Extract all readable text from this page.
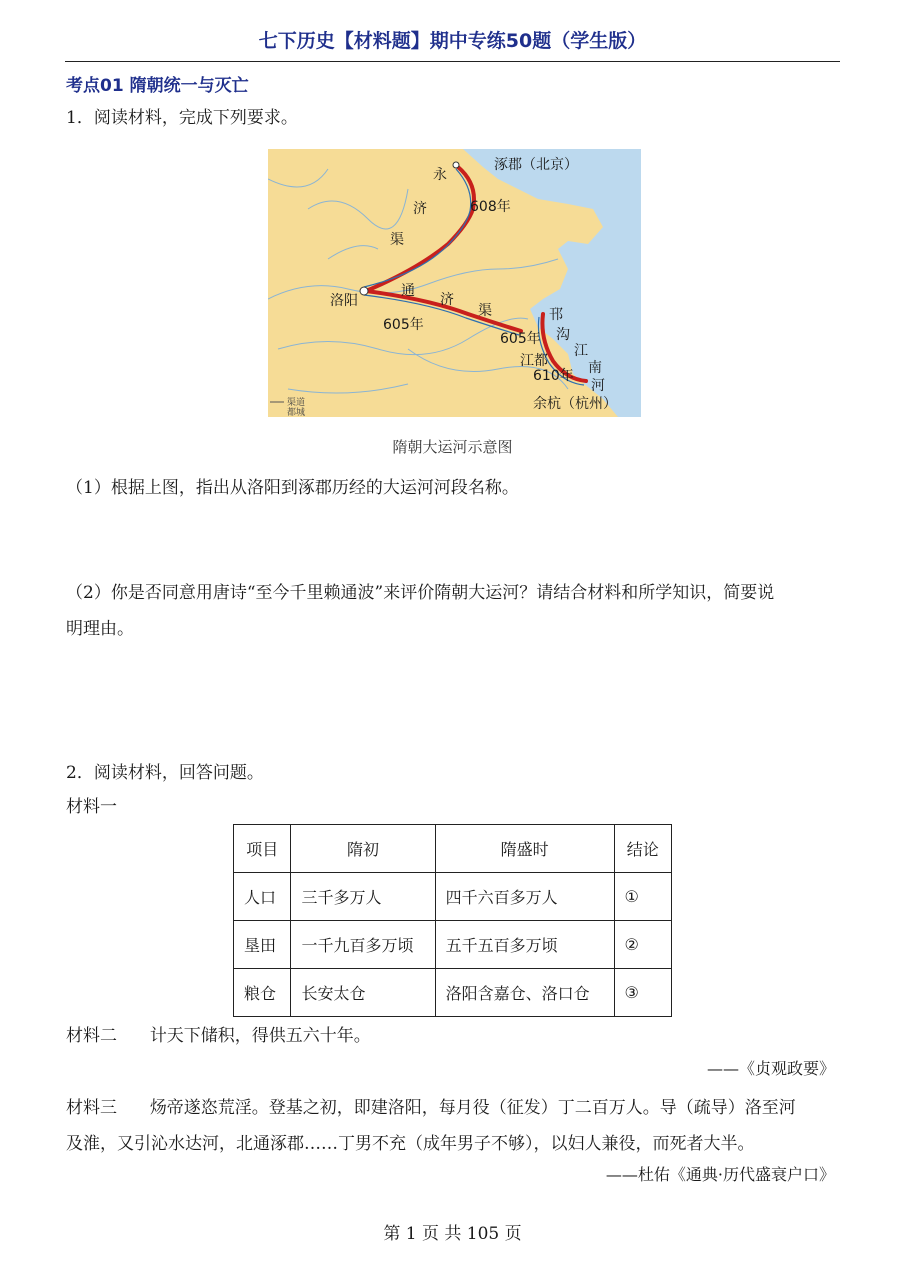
七下历史【材料题】期中专练50题（学生版）
考点01 隋朝统一与灭亡
1．阅读材料，完成下列要求。
涿郡（北京）
永
济
渠
608年
洛阳
通
济
渠
605年
605年
邗
沟
江都
江
南
河
610年
余杭（杭州）
渠道
都城
隋朝大运河示意图
（1）根据上图，指出从洛阳到涿郡历经的大运河河段名称。
（2）你是否同意用唐诗“至今千里赖通波”来评价隋朝大运河？请结合材料和所学知识，简要说
明理由。
2．阅读材料，回答问题。
材料一
项目	隋初	隋盛时	结论
人口	三千多万人	四千六百多万人	①
垦田	一千九百多万顷	五千五百多万顷	②
粮仓	长安太仓	洛阳含嘉仓、洛口仓	③
材料二 计天下储积，得供五六十年。
——《贞观政要》
材料三 炀帝遂恣荒淫。登基之初，即建洛阳，每月役（征发）丁二百万人。导（疏导）洛至河
及淮，又引沁水达河，北通涿郡……丁男不充（成年男子不够），以妇人兼役，而死者大半。
——杜佑《通典·历代盛衰户口》
第 1 页 共 105 页
